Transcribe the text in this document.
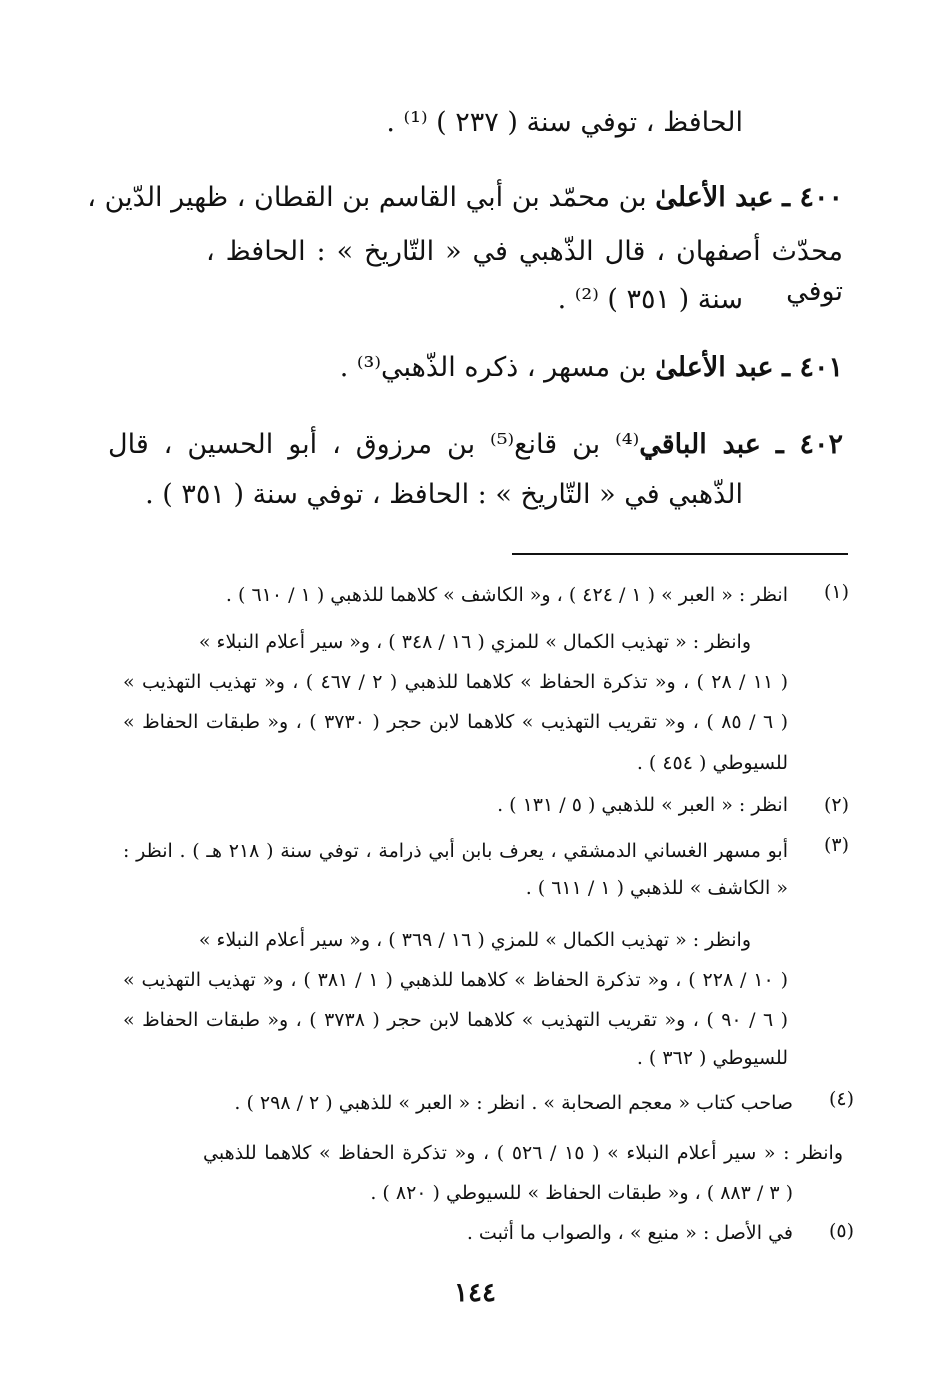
الحافظ ، توفي سنة ( ٢٣٧ ) ⁽¹⁾ .
٤٠٠ ـ عبد الأعلىٰ بن محمّد بن أبي القاسم بن القطان ، ظهير الدّين ،
محدّث أصفهان ، قال الذّهبي في « التّاريخ » : الحافظ ، توفي
سنة ( ٣٥١ ) ⁽²⁾ .
٤٠١ ـ عبد الأعلىٰ بن مسهر ، ذكره الذّهبي⁽³⁾ .
٤٠٢ ـ عبد الباقي⁽⁴⁾ بن قانع⁽⁵⁾ بن مرزوق ، أبو الحسين ، قال
الذّهبي في « التّاريخ » : الحافظ ، توفي سنة ( ٣٥١ ) .
(١)
انظر : « العبر » ( ١ / ٤٢٤ ) ، و« الكاشف » كلاهما للذهبي ( ١ / ٦١٠ ) .
وانظر : « تهذيب الكمال » للمزي ( ١٦ / ٣٤٨ ) ، و« سير أعلام النبلاء »
( ١١ / ٢٨ ) ، و« تذكرة الحفاظ » كلاهما للذهبي ( ٢ / ٤٦٧ ) ، و« تهذيب التهذيب »
( ٦ / ٨٥ ) ، و« تقريب التهذيب » كلاهما لابن حجر ( ٣٧٣٠ ) ، و« طبقات الحفاظ »
للسيوطي ( ٤٥٤ ) .
(٢)
انظر : « العبر » للذهبي ( ٥ / ١٣١ ) .
(٣)
أبو مسهر الغساني الدمشقي ، يعرف بابن أبي ذرامة ، توفي سنة ( ٢١٨ هـ ) . انظر :
« الكاشف » للذهبي ( ١ / ٦١١ ) .
وانظر : « تهذيب الكمال » للمزي ( ١٦ / ٣٦٩ ) ، و« سير أعلام النبلاء »
( ١٠ / ٢٢٨ ) ، و« تذكرة الحفاظ » كلاهما للذهبي ( ١ / ٣٨١ ) ، و« تهذيب التهذيب »
( ٦ / ٩٠ ) ، و« تقريب التهذيب » كلاهما لابن حجر ( ٣٧٣٨ ) ، و« طبقات الحفاظ »
للسيوطي ( ٣٦٢ ) .
(٤)
صاحب كتاب « معجم الصحابة » . انظر : « العبر » للذهبي ( ٢ / ٢٩٨ ) .
وانظر : « سير أعلام النبلاء » ( ١٥ / ٥٢٦ ) ، و« تذكرة الحفاظ » كلاهما للذهبي
( ٣ / ٨٨٣ ) ، و« طبقات الحفاظ » للسيوطي ( ٨٢٠ ) .
(٥)
في الأصل : « منيع » ، والصواب ما أثبت .
١٤٤
